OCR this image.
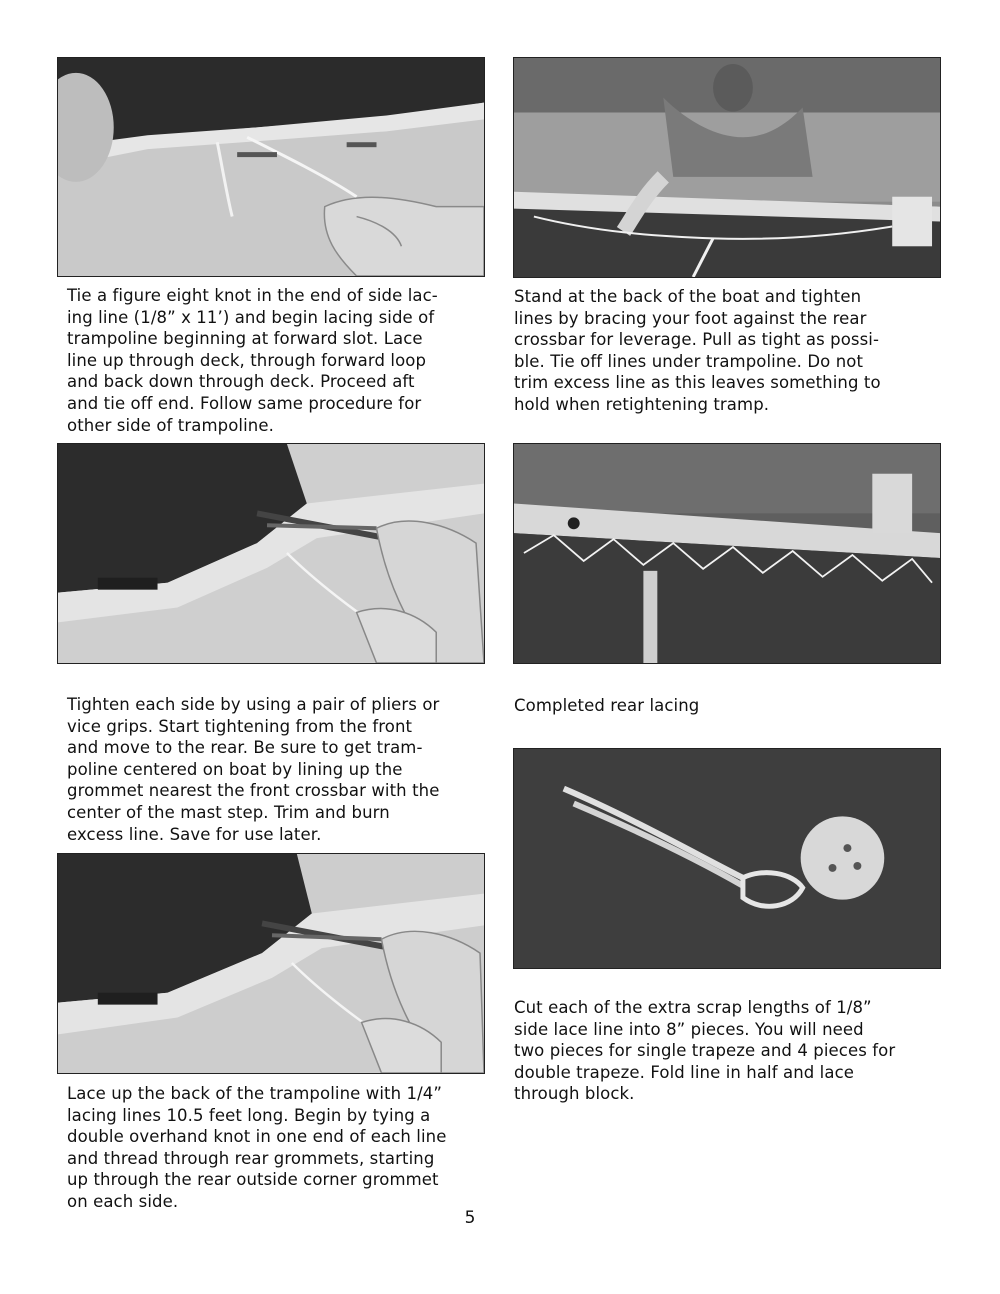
Tie a figure eight knot in the end of side lac-
ing line (1/8” x 11’) and begin lacing side of
trampoline beginning at forward slot. Lace
line up through deck, through forward loop
and back down through deck. Proceed aft
and tie off end. Follow same procedure for
other side of trampoline.
Stand at the back of the boat and tighten
lines by bracing your foot against the rear
crossbar for leverage. Pull as tight as possi-
ble. Tie off lines under trampoline. Do not
trim excess line as this leaves something to
hold when retightening tramp.
Tighten each side by using a pair of pliers or
vice grips. Start tightening from the front
and move to the rear. Be sure to get tram-
poline centered on boat by lining up the
grommet nearest the front crossbar with the
center of the mast step. Trim and burn
excess line. Save for use later.
Completed rear lacing
Cut each of the extra scrap lengths of 1/8”
side lace line into 8” pieces. You will need
two pieces for single trapeze and 4 pieces for
double trapeze. Fold line in half and lace
through block.
Lace up the back of the trampoline with 1/4”
lacing lines 10.5 feet long. Begin by tying a
double overhand knot in one end of each line
and thread through rear grommets, starting
up through the rear outside corner grommet
on each side.
5
